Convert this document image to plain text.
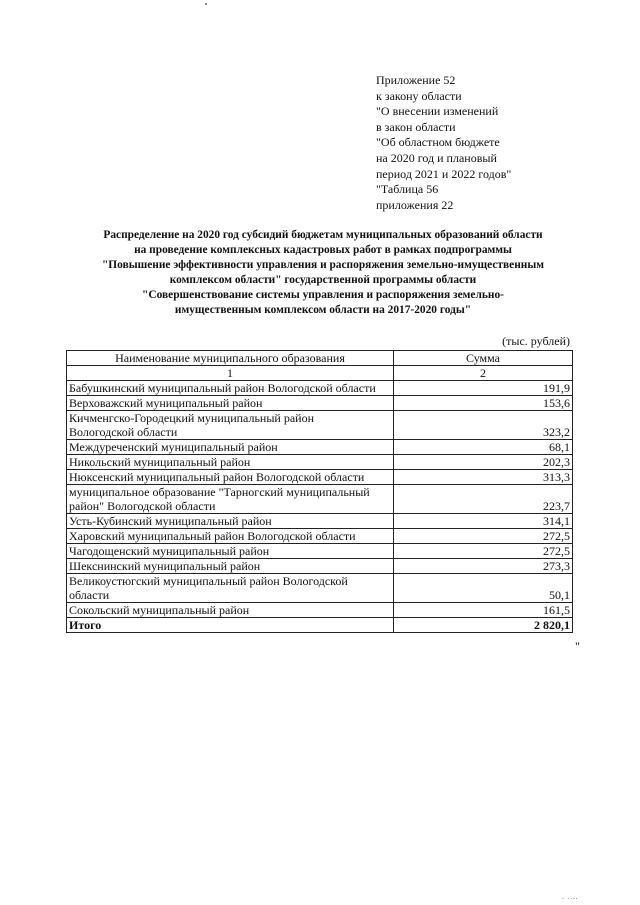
Приложение 52
к закону области
"О внесении изменений
в закон области
"Об областном бюджете
на 2020 год и плановый
период 2021 и 2022 годов"
"Таблица 56
приложения 22
Распределение на 2020 год субсидий бюджетам муниципальных образований области
на проведение комплексных кадастровых работ в рамках подпрограммы
"Повышение эффективности управления и распоряжения земельно-имущественным
комплексом области" государственной программы области
"Совершенствование системы управления и распоряжения земельно-
имущественным комплексом области на 2017-2020 годы"
(тыс. рублей)
Наименование муниципального образования	Сумма
1	2
Бабушкинский муниципальный район Вологодской области	191,9
Верховажский муниципальный район	153,6
Кичменгско-Городецкий муниципальный район
Вологодской области	323,2
Междуреченский муниципальный район	68,1
Никольский муниципальный район	202,3
Нюксенский муниципальный район Вологодской области	313,3
муниципальное образование "Тарногский муниципальный
район" Вологодской области	223,7
Усть-Кубинский муниципальный район	314,1
Харовский муниципальный район Вологодской области	272,5
Чагодощенский муниципальный район	272,5
Шекснинский муниципальный район	273,3
Великоустюгский муниципальный район Вологодской
области	50,1
Сокольский муниципальный район	161,5
Итого	2 820,1
"
. ....
